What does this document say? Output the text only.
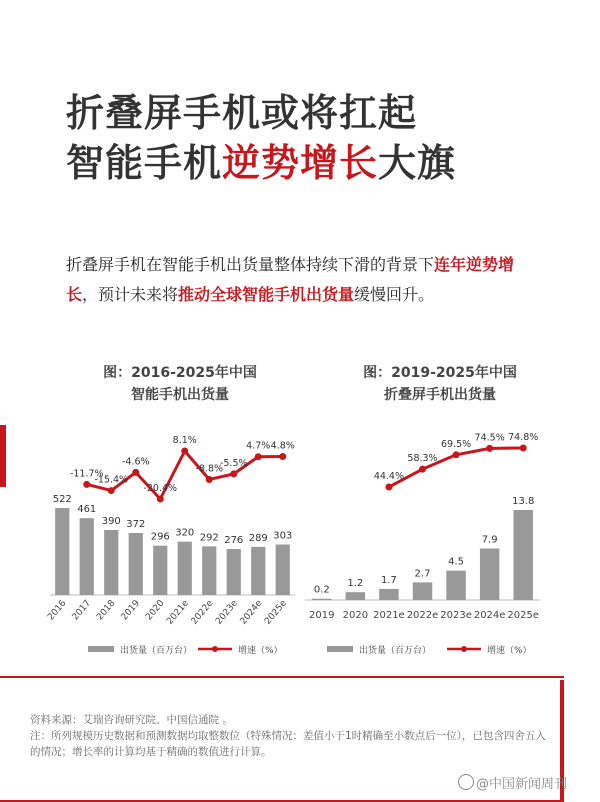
折叠屏手机或将扛起
智能手机逆势增长大旗
折叠屏手机在智能手机出货量整体持续下滑的背景下连年逆势增长，预计未来将推动全球智能手机出货量缓慢回升。
图：2016-2025年中国
智能手机出货量
图：2019-2025年中国
折叠屏手机出货量
522
2016
461
2017
390
2018
372
2019
296
2020
320
2021e
292
2022e
276
2023e
289
2024e
303
2025e
-11.7%
-15.4%
-4.6%
-20.4%
8.1%
-8.8%
-5.5%
4.7% 4.8%
出货量（百万台）	增速（%）
0.2
2019
1.2
2020
1.7
2021e
2.7
2022e
4.5
2023e
7.9
2024e
13.8
2025e
44.4%
58.3%
69.5%
74.5% 74.8%
出货量（百万台）	增速（%）
资料来源：艾瑞咨询研究院、中国信通院 。
注：所列规模历史数据和预测数据均取整数位（特殊情况：差值小于1时精确至小数点后一位），已包含四舍五入的情况；增长率的计算均基于精确的数值进行计算。
@中国新闻周刊
